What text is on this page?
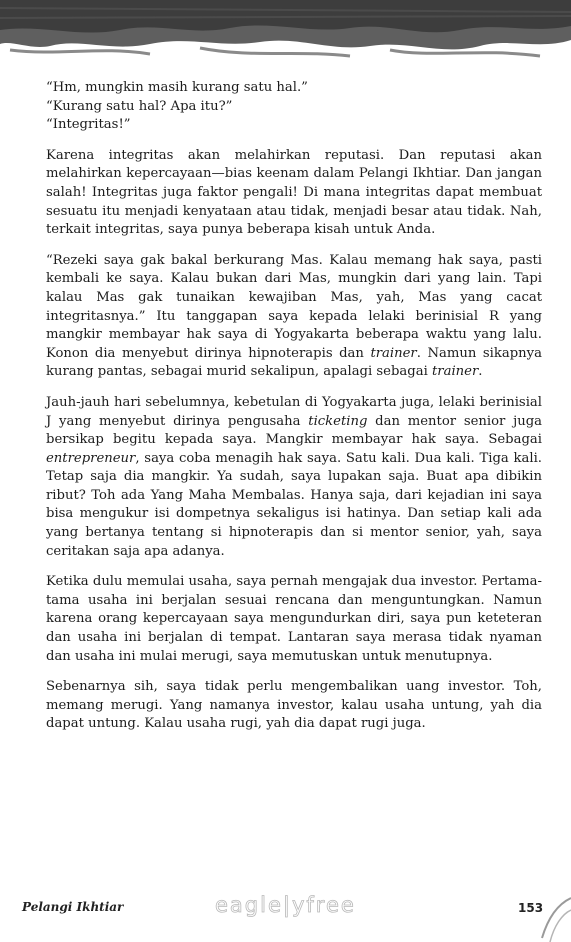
“Hm, mungkin masih kurang satu hal.”

“Kurang satu hal? Apa itu?”

“Integritas!”

Karena integritas akan melahirkan reputasi. Dan reputasi akan melahirkan kepercayaan—bias keenam dalam Pelangi Ikhtiar. Dan jangan salah! Integritas juga faktor pengali! Di mana integritas dapat membuat sesuatu itu menjadi kenyataan atau tidak, menjadi besar atau tidak. Nah, terkait integritas, saya punya beberapa kisah untuk Anda.

“Rezeki saya gak bakal berkurang Mas. Kalau memang hak saya, pasti kembali ke saya. Kalau bukan dari Mas, mungkin dari yang lain. Tapi kalau Mas gak tunaikan kewajiban Mas, yah, Mas yang cacat integritasnya.” Itu tanggapan saya kepada lelaki berinisial R yang mangkir membayar hak saya di Yogyakarta beberapa waktu yang lalu. Konon dia menyebut dirinya hipnoterapis dan trainer. Namun sikapnya kurang pantas, sebagai murid sekalipun, apalagi sebagai trainer.

Jauh-jauh hari sebelumnya, kebetulan di Yogyakarta juga, lelaki berinisial J yang menyebut dirinya pengusaha ticketing dan mentor senior juga bersikap begitu kepada saya. Mangkir membayar hak saya. Sebagai entrepreneur, saya coba menagih hak saya. Satu kali. Dua kali. Tiga kali. Tetap saja dia mangkir. Ya sudah, saya lupakan saja. Buat apa dibikin ribut? Toh ada Yang Maha Membalas. Hanya saja, dari kejadian ini saya bisa mengukur isi dompetnya sekaligus isi hatinya. Dan setiap kali ada yang bertanya tentang si hipnoterapis dan si mentor senior, yah, saya ceritakan saja apa adanya.

Ketika dulu memulai usaha, saya pernah mengajak dua investor. Pertama-tama usaha ini berjalan sesuai rencana dan menguntungkan. Namun karena orang kepercayaan saya mengundurkan diri, saya pun keteteran dan usaha ini berjalan di tempat. Lantaran saya merasa tidak nyaman dan usaha ini mulai merugi, saya memutuskan untuk menutupnya.

Sebenarnya sih, saya tidak perlu mengembalikan uang investor. Toh, memang merugi. Yang namanya investor, kalau usaha untung, yah dia dapat untung. Kalau usaha rugi, yah dia dapat rugi juga.

Pelangi Ikhtiar	eagle|yfree	153
